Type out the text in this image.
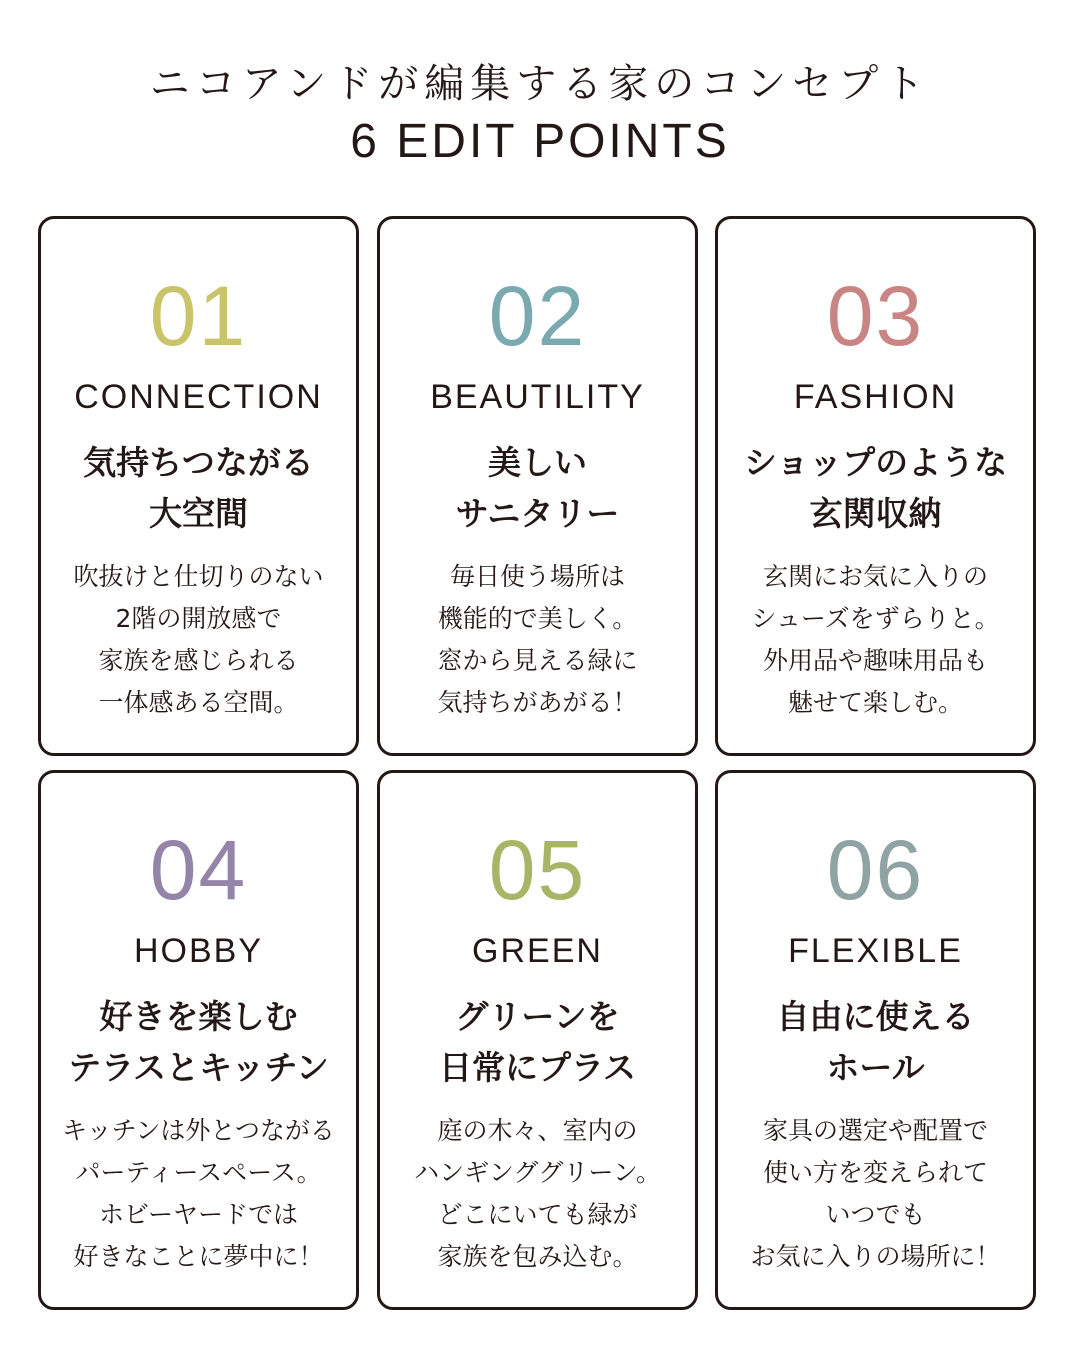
ニコアンドが編集する家のコンセプト
6 EDIT POINTS
01
CONNECTION
気持ちつながる
大空間
吹抜けと仕切りのない
2階の開放感で
家族を感じられる
一体感ある空間。
02
BEAUTILITY
美しい
サニタリー
毎日使う場所は
機能的で美しく。
窓から見える緑に
気持ちがあがる！
03
FASHION
ショップのような
玄関収納
玄関にお気に入りの
シューズをずらりと。
外用品や趣味用品も
魅せて楽しむ。
04
HOBBY
好きを楽しむ
テラスとキッチン
キッチンは外とつながる
パーティースペース。
ホビーヤードでは
好きなことに夢中に！
05
GREEN
グリーンを
日常にプラス
庭の木々、室内の
ハンギンググリーン。
どこにいても緑が
家族を包み込む。
06
FLEXIBLE
自由に使える
ホール
家具の選定や配置で
使い方を変えられて
いつでも
お気に入りの場所に！
